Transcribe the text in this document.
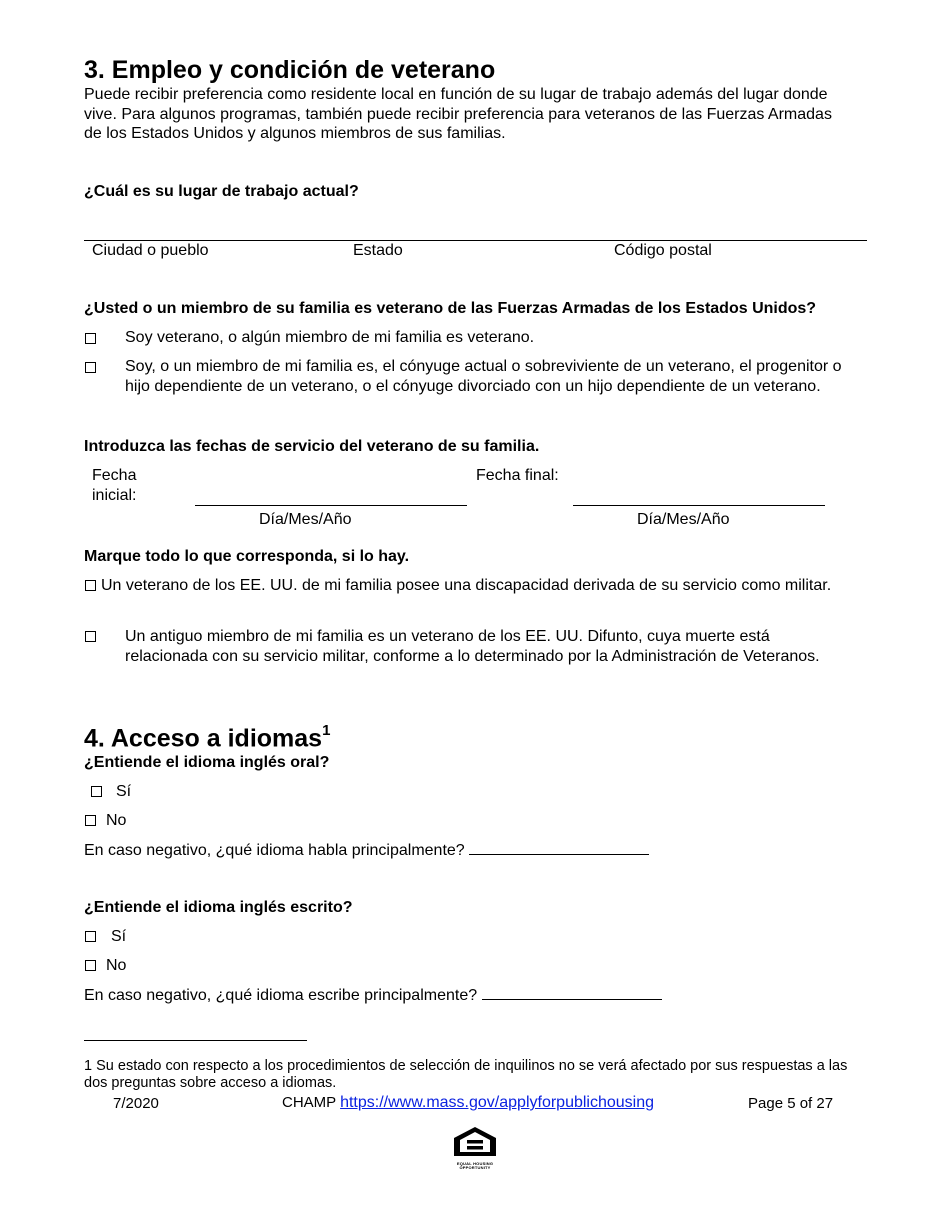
3. Empleo y condición de veterano
Puede recibir preferencia como residente local en función de su lugar de trabajo además del lugar donde vive. Para algunos programas, también puede recibir preferencia para veteranos de las Fuerzas Armadas de los Estados Unidos y algunos miembros de sus familias.
¿Cuál es su lugar de trabajo actual?
Ciudad o pueblo	Estado	Código postal
¿Usted o un miembro de su familia es veterano de las Fuerzas Armadas de los Estados Unidos?
Soy veterano, o algún miembro de mi familia es veterano.
Soy, o un miembro de mi familia es, el cónyuge actual o sobreviviente de un veterano, el progenitor o hijo dependiente de un veterano, o el cónyuge divorciado con un hijo dependiente de un veterano.
Introduzca las fechas de servicio del veterano de su familia.
Fecha inicial:
Día/Mes/Año
Fecha final:
Día/Mes/Año
Marque todo lo que corresponda, si lo hay.
Un veterano de los EE. UU. de mi familia posee una discapacidad derivada de su servicio como militar.
Un antiguo miembro de mi familia es un veterano de los EE. UU. Difunto, cuya muerte está relacionada con su servicio militar, conforme a lo determinado por la Administración de Veteranos.
4. Acceso a idiomas$^1$
¿Entiende el idioma inglés oral?
Sí
No
En caso negativo, ¿qué idioma habla principalmente?
¿Entiende el idioma inglés escrito?
Sí
No
En caso negativo, ¿qué idioma escribe principalmente?
1 Su estado con respecto a los procedimientos de selección de inquilinos no se verá afectado por sus respuestas a las dos preguntas sobre acceso a idiomas.
7/2020	CHAMP https://www.mass.gov/applyforpublichousing	Page 5 of 27
EQUAL HOUSING OPPORTUNITY
